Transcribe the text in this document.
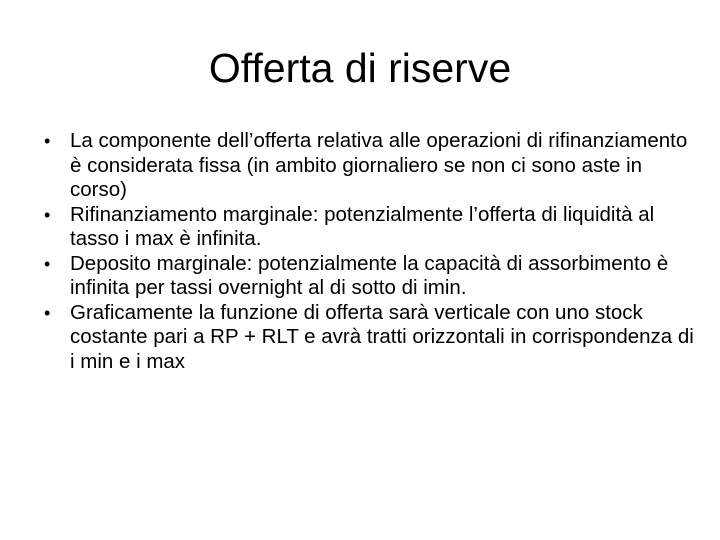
Offerta di riserve
• La componente dell’offerta relativa alle operazioni di rifinanziamento è considerata fissa (in ambito giornaliero se non ci sono aste in corso)
• Rifinanziamento marginale: potenzialmente l’offerta di liquidità al tasso i max è infinita.
• Deposito marginale: potenzialmente la capacità di assorbimento è infinita per tassi overnight al di sotto di imin.
• Graficamente la funzione di offerta sarà verticale con uno stock costante pari a RP + RLT e avrà tratti orizzontali in corrispondenza di i min e i max
